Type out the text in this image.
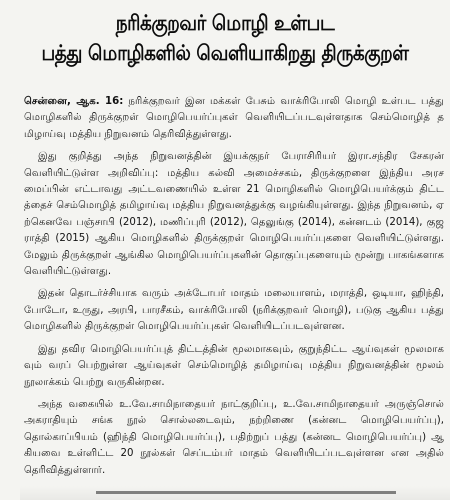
நரிக்குறவர் மொழி உள்பட
பத்து மொழிகளில் வெளியாகிறது திருக்குறள்

சென்னை, ஆக. 16: நரிக்குறவர் இன மக்கள் பேசும் வாக்ரிபோலி மொழி உள்பட பத்து மொழிகளில் திருக்குறள் மொழிபெயர்ப்புகள் வெளியிடப்படவுள்ளதாக செம்மொழித் தமிழாய்வு மத்திய நிறுவனம் தெரிவித்துள்ளது.

இது குறித்து அந்த நிறுவனத்தின் இயக்குநர் பேராசிரியர் இரா.சந்திர சேகரன் வெளியிட்டுள்ள அறிவிப்பு: மத்திய கல்வி அமைச்சகம், திருக்குறளை இந்திய அரசமைப்பின் எட்டாவது அட்டவணையில் உள்ள 21 மொழிகளில் மொழிபெயர்க்கும் திட்டத்தைச் செம்மொழித் தமிழாய்வு மத்திய நிறுவனத்துக்கு வழங்கியுள்ளது. இந்த நிறுவனம், ஏற்கெனவே பஞ்சாபி (2012), மணிப்புரி (2012), தெலுங்கு (2014), கன்னடம் (2014), குஜராத்தி (2015) ஆகிய மொழிகளில் திருக்குறள் மொழிபெயர்ப்புகளை வெளியிட்டுள்ளது. மேலும் திருக்குறள் ஆங்கில மொழிபெயர்ப்புகளின் தொகுப்புகளையும் மூன்று பாகங்களாக வெளியிட்டுள்ளது.

இதன் தொடர்ச்சியாக வரும் அக்டோபர் மாதம் மலையாளம், மராத்தி, ஒடியா, ஹிந்தி, போடோ, உருது, அரபி, பாரசீகம், வாக்ரிபோலி (நரிக்குறவர் மொழி), படுகு ஆகிய பத்து மொழிகளில் திருக்குறள் மொழிபெயர்ப்புகள் வெளியிடப்படவுள்ளன.

இது தவிர மொழிபெயர்ப்புத் திட்டத்தின் மூலமாகவும், குறுந்திட்ட ஆய்வுகள் மூலமாகவும் வரப் பெற்றுள்ள ஆய்வுகள் செம்மொழித் தமிழாய்வு மத்திய நிறுவனத்தின் மூலம் நூலாக்கம் பெற்று வருகின்றன.

அந்த வகையில் உ.வே.சாமிநாதையர் நாட்குறிப்பு, உ.வே.சாமிநாதையர் அருஞ்சொல் அகராதியும் சங்க நூல் சொல்லடைவும், நற்றிணை (கன்னட மொழிபெயர்ப்பு), தொல்காப்பியம் (ஹிந்தி மொழிபெயர்ப்பு), பதிற்றுப் பத்து (கன்னட மொழிபெயர்ப்பு) ஆகியவை உள்ளிட்ட 20 நூல்கள் செப்டம்பர் மாதம் வெளியிடப்படவுள்ளன என அதில் தெரிவித்துள்ளார்.
